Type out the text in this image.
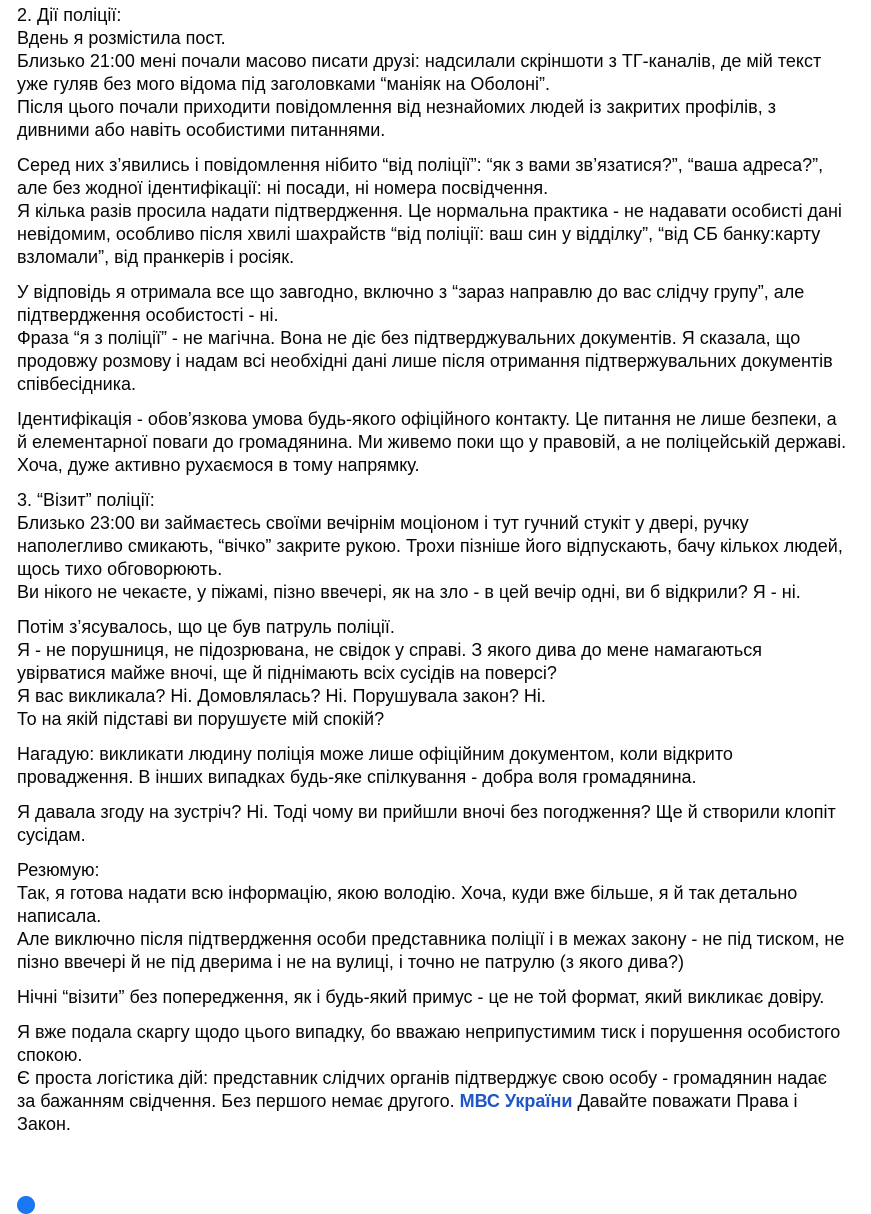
2. Дії поліції:
Вдень я розмістила пост.
Близько 21:00 мені почали масово писати друзі: надсилали скріншоти з ТГ-каналів, де мій текст уже гуляв без мого відома під заголовками “маніяк на Оболоні”.
Після цього почали приходити повідомлення від незнайомих людей із закритих профілів, з дивними або навіть особистими питаннями.
Серед них з’явились і повідомлення нібито “від поліції”: “як з вами зв’язатися?”, “ваша адреса?”, але без жодної ідентифікації: ні посади, ні номера посвідчення.
Я кілька разів просила надати підтвердження. Це нормальна практика - не надавати особисті дані невідомим, особливо після хвилі шахрайств “від поліції: ваш син у відділку”, “від СБ банку:карту взломали”, від пранкерів і росіяк.
У відповідь я отримала все що завгодно, включно з “зараз направлю до вас слідчу групу”, але підтвердження особистості - ні.
Фраза “я з поліції” - не магічна. Вона не діє без підтверджувальних документів. Я сказала, що продовжу розмову і надам всі необхідні дані лише після отримання підтвержувальних документів співбесідника.
Ідентифікація - обов’язкова умова будь-якого офіційного контакту. Це питання не лише безпеки, а й елементарної поваги до громадянина. Ми живемо поки що у правовій, а не поліцейській державі. Хоча, дуже активно рухаємося в тому напрямку.
3. “Візит” поліції:
Близько 23:00 ви займаєтесь своїми вечірнім моціоном і тут гучний стукіт у двері, ручку наполегливо смикають, “вічко” закрите рукою. Трохи пізніше його відпускають, бачу кількох людей, щось тихо обговорюють.
Ви нікого не чекаєте, у піжамі, пізно ввечері, як на зло - в цей вечір одні, ви б відкрили? Я - ні.
Потім з’ясувалось, що це був патруль поліції.
Я - не порушниця, не підозрювана, не свідок у справі. З якого дива до мене намагаються увірватися майже вночі, ще й піднімають всіх сусідів на поверсі?
Я вас викликала? Ні. Домовлялась? Ні. Порушувала закон? Ні.
То на якій підставі ви порушуєте мій спокій?
Нагадую: викликати людину поліція може лише офіційним документом, коли відкрито провадження. В інших випадках будь-яке спілкування - добра воля громадянина.
Я давала згоду на зустріч? Ні. Тоді чому ви прийшли вночі без погодження? Ще й створили клопіт сусідам.
Резюмую:
Так, я готова надати всю інформацію, якою володію. Хоча, куди вже більше, я й так детально написала.
Але виключно після підтвердження особи представника поліції і в межах закону - не під тиском, не пізно ввечері й не під дверима і не на вулиці, і точно не патрулю (з якого дива?)
Нічні “візити” без попередження, як і будь-який примус - це не той формат, який викликає довіру.
Я вже подала скаргу щодо цього випадку, бо вважаю неприпустимим тиск і порушення особистого спокою.
Є проста логістика дій: представник слідчих органів підтверджує свою особу - громадянин надає за бажанням свідчення. Без першого немає другого. МВС України Давайте поважати Права і Закон.
